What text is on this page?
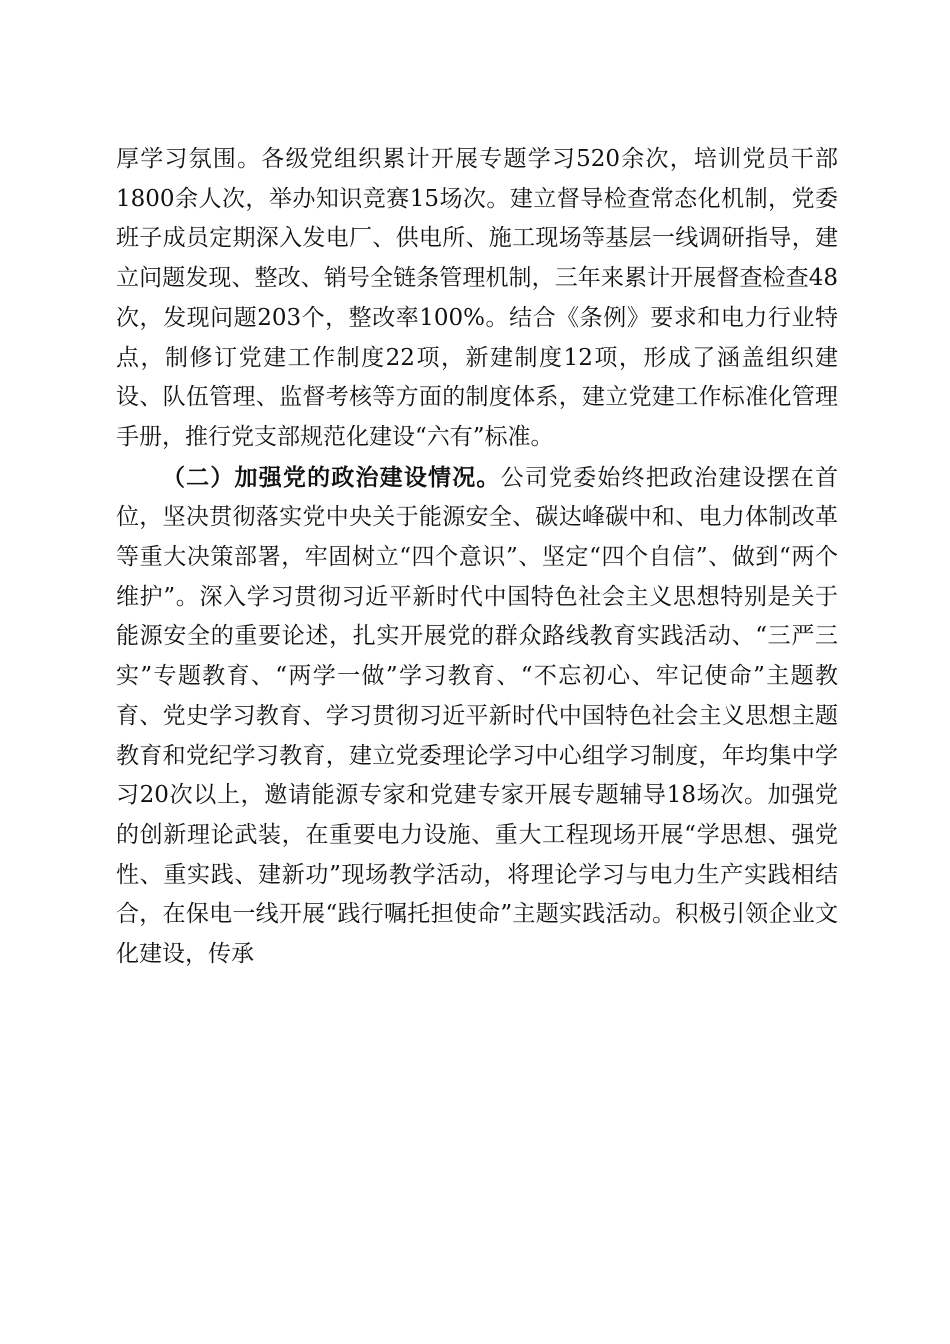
厚学习氛围。各级党组织累计开展专题学习520余次，培训党员干部1800余人次，举办知识竞赛15场次。建立督导检查常态化机制，党委班子成员定期深入发电厂、供电所、施工现场等基层一线调研指导，建立问题发现、整改、销号全链条管理机制，三年来累计开展督查检查48次，发现问题203个，整改率100%。结合《条例》要求和电力行业特点，制修订党建工作制度22项，新建制度12项，形成了涵盖组织建设、队伍管理、监督考核等方面的制度体系，建立党建工作标准化管理手册，推行党支部规范化建设“六有”标准。

（二）加强党的政治建设情况。公司党委始终把政治建设摆在首位，坚决贯彻落实党中央关于能源安全、碳达峰碳中和、电力体制改革等重大决策部署，牢固树立“四个意识”、坚定“四个自信”、做到“两个维护”。深入学习贯彻习近平新时代中国特色社会主义思想特别是关于能源安全的重要论述，扎实开展党的群众路线教育实践活动、“三严三实”专题教育、“两学一做”学习教育、“不忘初心、牢记使命”主题教育、党史学习教育、学习贯彻习近平新时代中国特色社会主义思想主题教育和党纪学习教育，建立党委理论学习中心组学习制度，年均集中学习20次以上，邀请能源专家和党建专家开展专题辅导18场次。加强党的创新理论武装，在重要电力设施、重大工程现场开展“学思想、强党性、重实践、建新功”现场教学活动，将理论学习与电力生产实践相结合，在保电一线开展“践行嘱托担使命”主题实践活动。积极引领企业文化建设，传承
